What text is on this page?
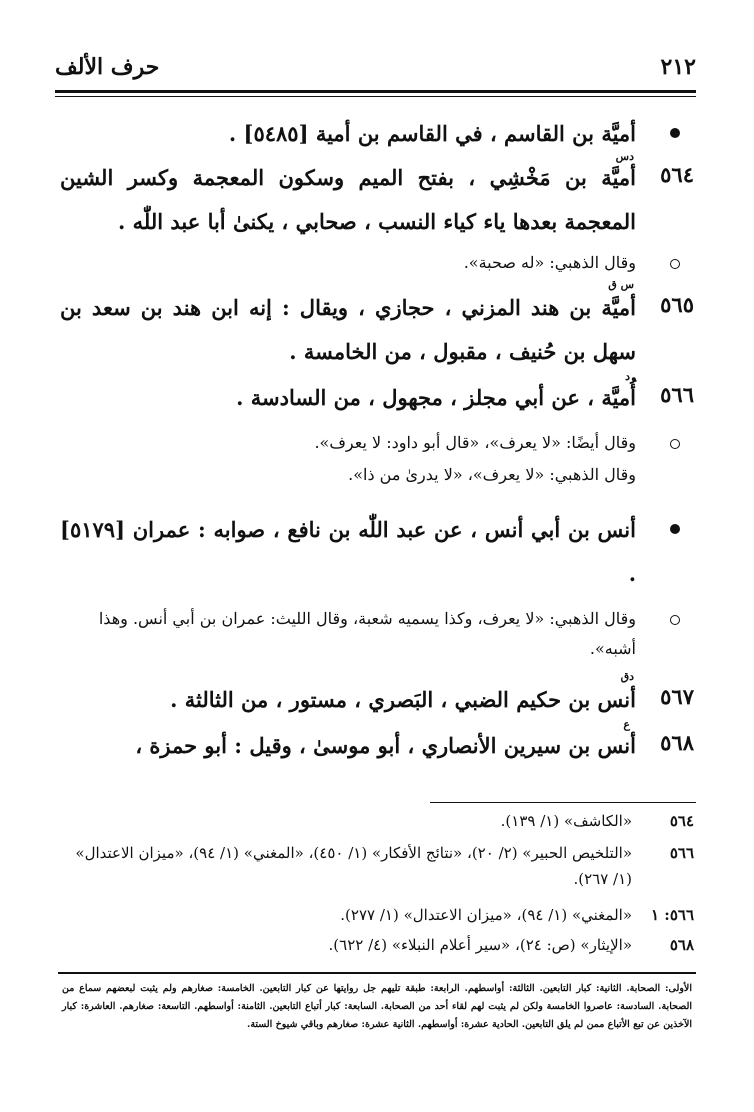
٢١٢
حرف الألف
أميَّة بن القاسم ، في القاسم بن أمية [٥٤٨٥] .
دس
٥٦٤
أميَّة بن مَخْشِي ، بفتح الميم وسكون المعجمة وكسر الشين المعجمة بعدها ياء كياء النسب ، صحابي ، يكنىٰ أبا عبد اللّٰه .
وقال الذهبي: «له صحبة».
س ق
٥٦٥
أميَّة بن هند المزني ، حجازي ، ويقال : إنه ابن هند بن سعد بن سهل بن حُنيف ، مقبول ، من الخامسة .
د
٥٦٦
أُميَّة ، عن أبي مجلز ، مجهول ، من السادسة .
وقال أيضًا: «لا يعرف»، «قال أبو داود: لا يعرف».
وقال الذهبي: «لا يعرف»، «لا يدرىٰ من ذا».
أنس بن أبي أنس ، عن عبد اللّٰه بن نافع ، صوابه : عمران [٥١٧٩] .
وقال الذهبي: «لا يعرف، وكذا يسميه شعبة، وقال الليث: عمران بن أبي أنس. وهذا أشبه».
دق
٥٦٧
أنس بن حكيم الضبي ، البَصري ، مستور ، من الثالثة .
ع
٥٦٨
أنس بن سيرين الأنصاري ، أبو موسىٰ ، وقيل : أبو حمزة ،
٥٦٤
«الكاشف» (١/ ١٣٩).
٥٦٦
«التلخيص الحبير» (٢/ ٢٠)، «نتائج الأفكار» (١/ ٤٥٠)، «المغني» (١/ ٩٤)، «ميزان الاعتدال» (١/ ٢٦٧).
٥٦٦: ١
«المغني» (١/ ٩٤)، «ميزان الاعتدال» (١/ ٢٧٧).
٥٦٨
«الإيثار» (ص: ٢٤)، «سير أعلام النبلاء» (٤/ ٦٢٢).
الأولى: الصحابة. الثانية: كبار التابعين. الثالثة: أواسطهم. الرابعة: طبقة تليهم جل روايتها عن كبار التابعين. الخامسة: صغارهم ولم يثبت لبعضهم سماع من الصحابة. السادسة: عاصروا الخامسة ولكن لم يثبت لهم لقاء أحد من الصحابة. السابعة: كبار أتباع التابعين. الثامنة: أواسطهم. التاسعة: صغارهم. العاشرة: كبار الآخذين عن تبع الأتباع ممن لم يلق التابعين. الحادية عشرة: أواسطهم. الثانية عشرة: صغارهم وباقي شيوخ الستة.
